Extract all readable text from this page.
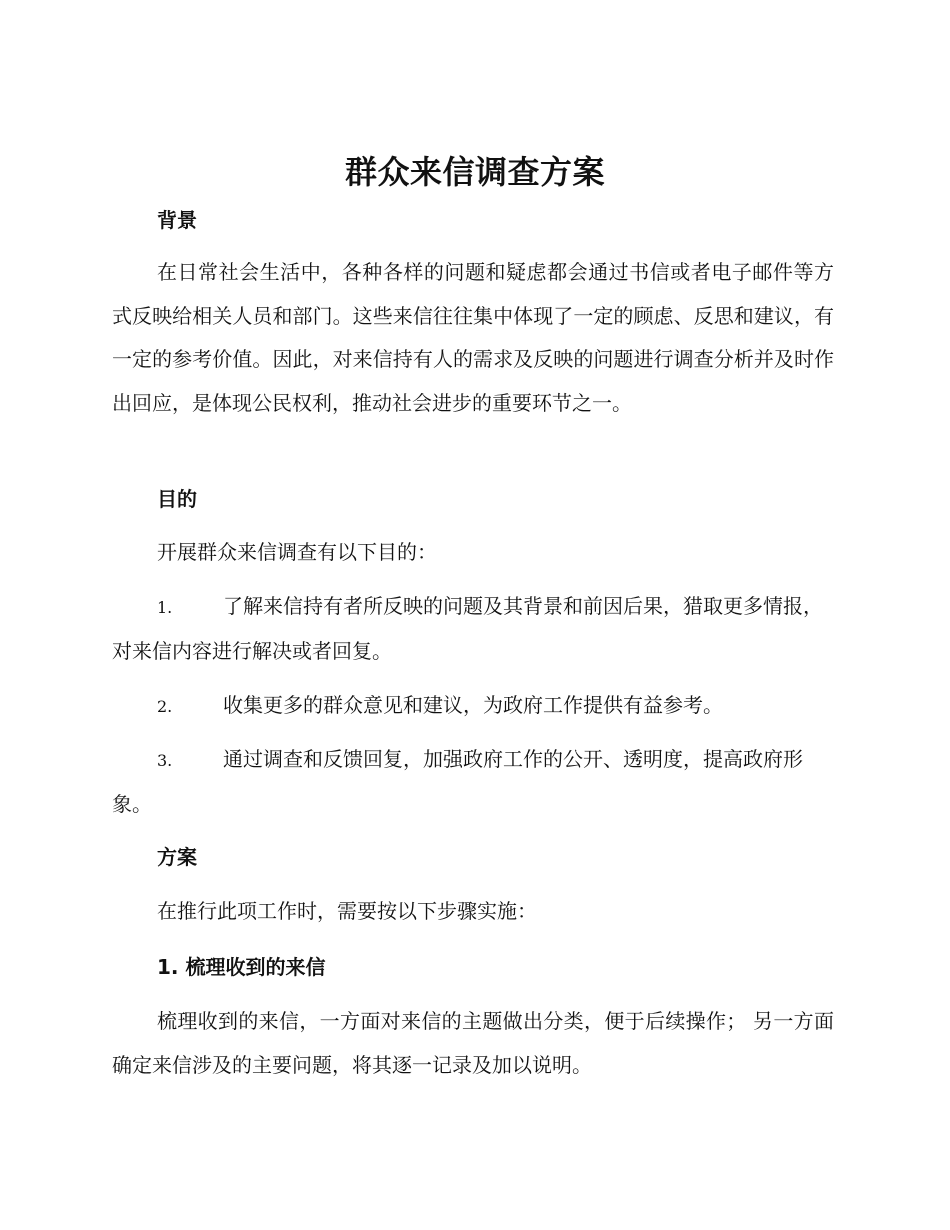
群众来信调查方案
背景

在日常社会生活中，各种各样的问题和疑虑都会通过书信或者电子邮件等方式反映给相关人员和部门。这些来信往往集中体现了一定的顾虑、反思和建议，有一定的参考价值。因此，对来信持有人的需求及反映的问题进行调查分析并及时作出回应，是体现公民权利，推动社会进步的重要环节之一。

目的

开展群众来信调查有以下目的：

1.	了解来信持有者所反映的问题及其背景和前因后果，猎取更多情报，对来信内容进行解决或者回复。

2.	收集更多的群众意见和建议，为政府工作提供有益参考。

3.	通过调查和反馈回复，加强政府工作的公开、透明度，提高政府形象。

方案

在推行此项工作时，需要按以下步骤实施：

1. 梳理收到的来信

梳理收到的来信，一方面对来信的主题做出分类，便于后续操作； 另一方面确定来信涉及的主要问题，将其逐一记录及加以说明。
